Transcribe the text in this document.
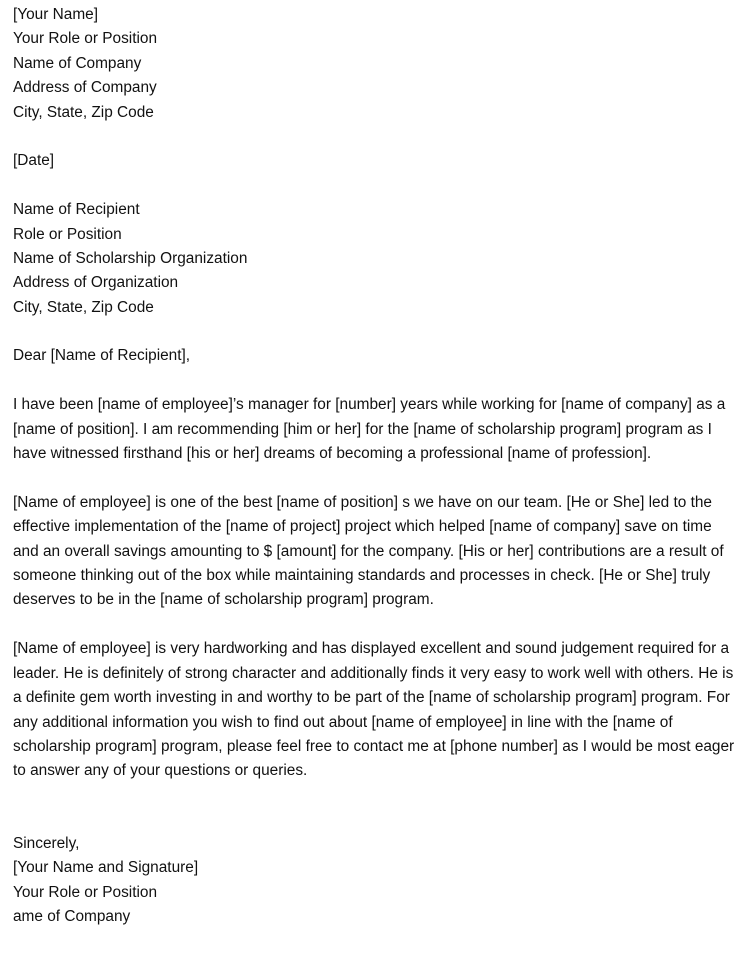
[Your Name]
Your Role or Position
Name of Company
Address of Company
City, State, Zip Code
[Date]
Name of Recipient
Role or Position
Name of Scholarship Organization
Address of Organization
City, State, Zip Code
Dear [Name of Recipient],

I have been [name of employee]’s manager for [number] years while working for [name of company] as a [name of position]. I am recommending [him or her] for the [name of scholarship program] program as I have witnessed firsthand [his or her] dreams of becoming a professional [name of profession].

[Name of employee] is one of the best [name of position] s we have on our team. [He or She] led to the effective implementation of the [name of project] project which helped [name of company] save on time and an overall savings amounting to $ [amount] for the company. [His or her] contributions are a result of someone thinking out of the box while maintaining standards and processes in check. [He or She] truly deserves to be in the [name of scholarship program] program.

[Name of employee] is very hardworking and has displayed excellent and sound judgement required for a leader. He is definitely of strong character and additionally finds it very easy to work well with others. He is a definite gem worth investing in and worthy to be part of the [name of scholarship program] program. For any additional information you wish to find out about [name of employee] in line with the [name of scholarship program] program, please feel free to contact me at [phone number] as I would be most eager to answer any of your questions or queries.

Sincerely,
[Your Name and Signature]
Your Role or Position
ame of Company
